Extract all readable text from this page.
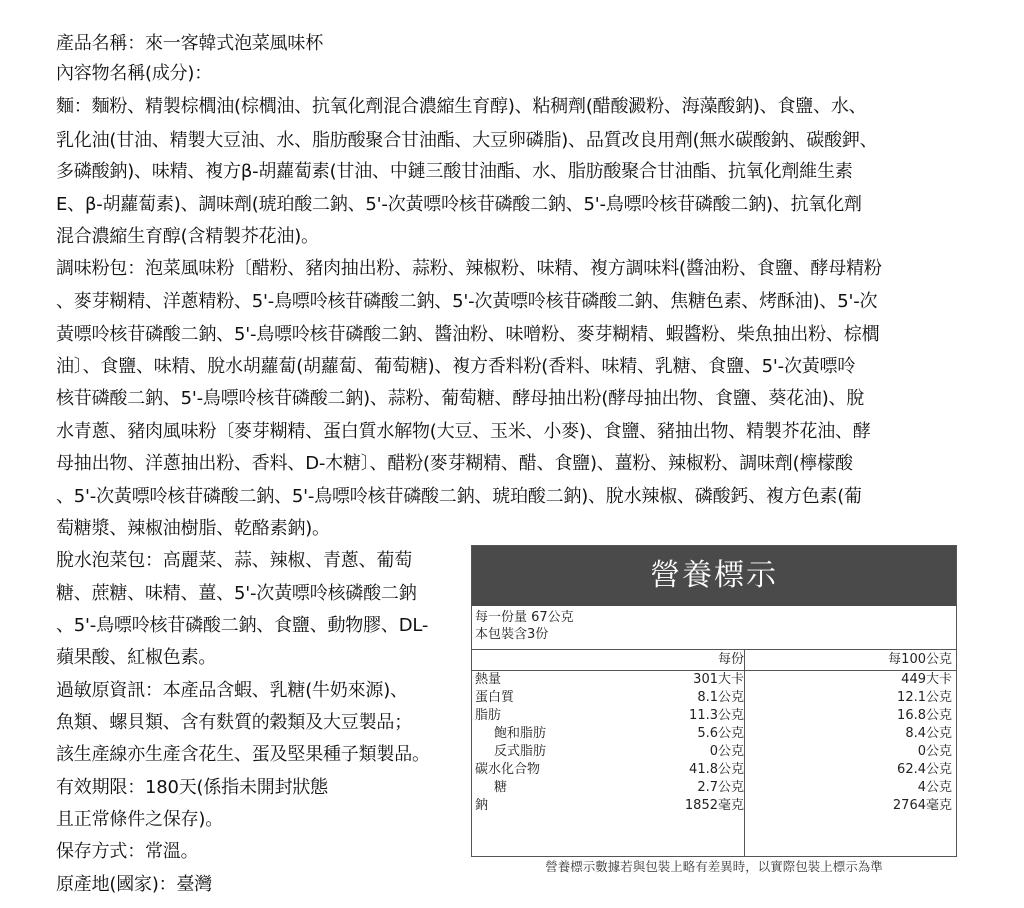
產品名稱：來一客韓式泡菜風味杯
內容物名稱(成分)：
麵：麵粉、精製棕櫚油(棕櫚油、抗氧化劑混合濃縮生育醇)、粘稠劑(醋酸澱粉、海藻酸鈉)、食鹽、水、
乳化油(甘油、精製大豆油、水、脂肪酸聚合甘油酯、大豆卵磷脂)、品質改良用劑(無水碳酸鈉、碳酸鉀、
多磷酸鈉)、味精、複方β-胡蘿蔔素(甘油、中鏈三酸甘油酯、水、脂肪酸聚合甘油酯、抗氧化劑維生素
E、β-胡蘿蔔素)、調味劑(琥珀酸二鈉、5'-次黃嘌呤核苷磷酸二鈉、5'-鳥嘌呤核苷磷酸二鈉)、抗氧化劑
混合濃縮生育醇(含精製芥花油)。
調味粉包：泡菜風味粉〔醋粉、豬肉抽出粉、蒜粉、辣椒粉、味精、複方調味料(醬油粉、食鹽、酵母精粉
、麥芽糊精、洋蔥精粉、5'-鳥嘌呤核苷磷酸二鈉、5'-次黃嘌呤核苷磷酸二鈉、焦糖色素、烤酥油)、5'-次
黃嘌呤核苷磷酸二鈉、5'-鳥嘌呤核苷磷酸二鈉、醬油粉、味噌粉、麥芽糊精、蝦醬粉、柴魚抽出粉、棕櫚
油〕、食鹽、味精、脫水胡蘿蔔(胡蘿蔔、葡萄糖)、複方香料粉(香料、味精、乳糖、食鹽、5'-次黃嘌呤
核苷磷酸二鈉、5'-鳥嘌呤核苷磷酸二鈉)、蒜粉、葡萄糖、酵母抽出粉(酵母抽出物、食鹽、葵花油)、脫
水青蔥、豬肉風味粉〔麥芽糊精、蛋白質水解物(大豆、玉米、小麥)、食鹽、豬抽出物、精製芥花油、酵
母抽出物、洋蔥抽出粉、香料、D-木糖〕、醋粉(麥芽糊精、醋、食鹽)、薑粉、辣椒粉、調味劑(檸檬酸
、5'-次黃嘌呤核苷磷酸二鈉、5'-鳥嘌呤核苷磷酸二鈉、琥珀酸二鈉)、脫水辣椒、磷酸鈣、複方色素(葡
萄糖漿、辣椒油樹脂、乾酪素鈉)。
脫水泡菜包：高麗菜、蒜、辣椒、青蔥、葡萄
糖、蔗糖、味精、薑、5'-次黃嘌呤核磷酸二鈉
、5'-鳥嘌呤核苷磷酸二鈉、食鹽、動物膠、DL-
蘋果酸、紅椒色素。
過敏原資訊：本產品含蝦、乳糖(牛奶來源)、
魚類、螺貝類、含有麩質的穀類及大豆製品；
該生產線亦生產含花生、蛋及堅果種子類製品。
有效期限：180天(係指未開封狀態
且正常條件之保存)。
保存方式：常溫。
原產地(國家)：臺灣
營養標示
每一份量 67公克
本包裝含3份
每份	每100公克
熱量	301大卡	449大卡
蛋白質	8.1公克	12.1公克
脂肪	11.3公克	16.8公克
飽和脂肪	5.6公克	8.4公克
反式脂肪	0公克	0公克
碳水化合物	41.8公克	62.4公克
糖	2.7公克	4公克
鈉	1852毫克	2764毫克
營養標示數據若與包裝上略有差異時，以實際包裝上標示為準
